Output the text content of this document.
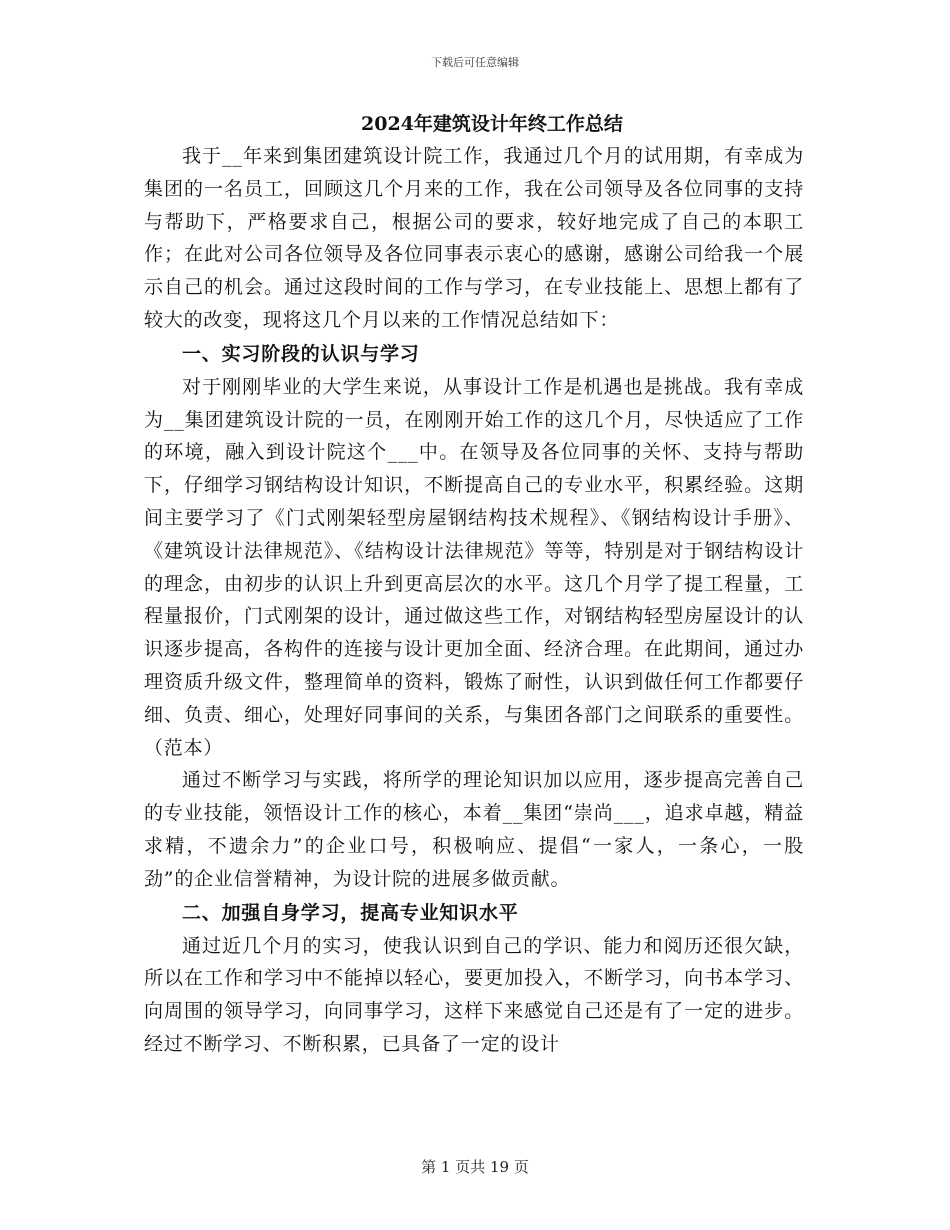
下载后可任意编辑
2024年建筑设计年终工作总结

我于__年来到集团建筑设计院工作，我通过几个月的试用期，有幸成为集团的一名员工，回顾这几个月来的工作，我在公司领导及各位同事的支持与帮助下，严格要求自己，根据公司的要求，较好地完成了自己的本职工作；在此对公司各位领导及各位同事表示衷心的感谢，感谢公司给我一个展示自己的机会。通过这段时间的工作与学习，在专业技能上、思想上都有了较大的改变，现将这几个月以来的工作情况总结如下：

一、实习阶段的认识与学习

对于刚刚毕业的大学生来说，从事设计工作是机遇也是挑战。我有幸成为__集团建筑设计院的一员，在刚刚开始工作的这几个月，尽快适应了工作的环境，融入到设计院这个___中。在领导及各位同事的关怀、支持与帮助下，仔细学习钢结构设计知识，不断提高自己的专业水平，积累经验。这期间主要学习了《门式刚架轻型房屋钢结构技术规程》、《钢结构设计手册》、《建筑设计法律规范》、《结构设计法律规范》等等，特别是对于钢结构设计的理念，由初步的认识上升到更高层次的水平。这几个月学了提工程量，工程量报价，门式刚架的设计，通过做这些工作，对钢结构轻型房屋设计的认识逐步提高，各构件的连接与设计更加全面、经济合理。在此期间，通过办理资质升级文件，整理简单的资料，锻炼了耐性，认识到做任何工作都要仔细、负责、细心，处理好同事间的关系，与集团各部门之间联系的重要性。（范本）

通过不断学习与实践，将所学的理论知识加以应用，逐步提高完善自己的专业技能，领悟设计工作的核心，本着__集团“崇尚___，追求卓越，精益求精，不遗余力”的企业口号，积极响应、提倡“一家人，一条心，一股劲”的企业信誉精神，为设计院的进展多做贡献。

二、加强自身学习，提高专业知识水平

通过近几个月的实习，使我认识到自己的学识、能力和阅历还很欠缺，所以在工作和学习中不能掉以轻心，要更加投入，不断学习，向书本学习、向周围的领导学习，向同事学习，这样下来感觉自己还是有了一定的进步。经过不断学习、不断积累，已具备了一定的设计

第 1 页共 19 页
